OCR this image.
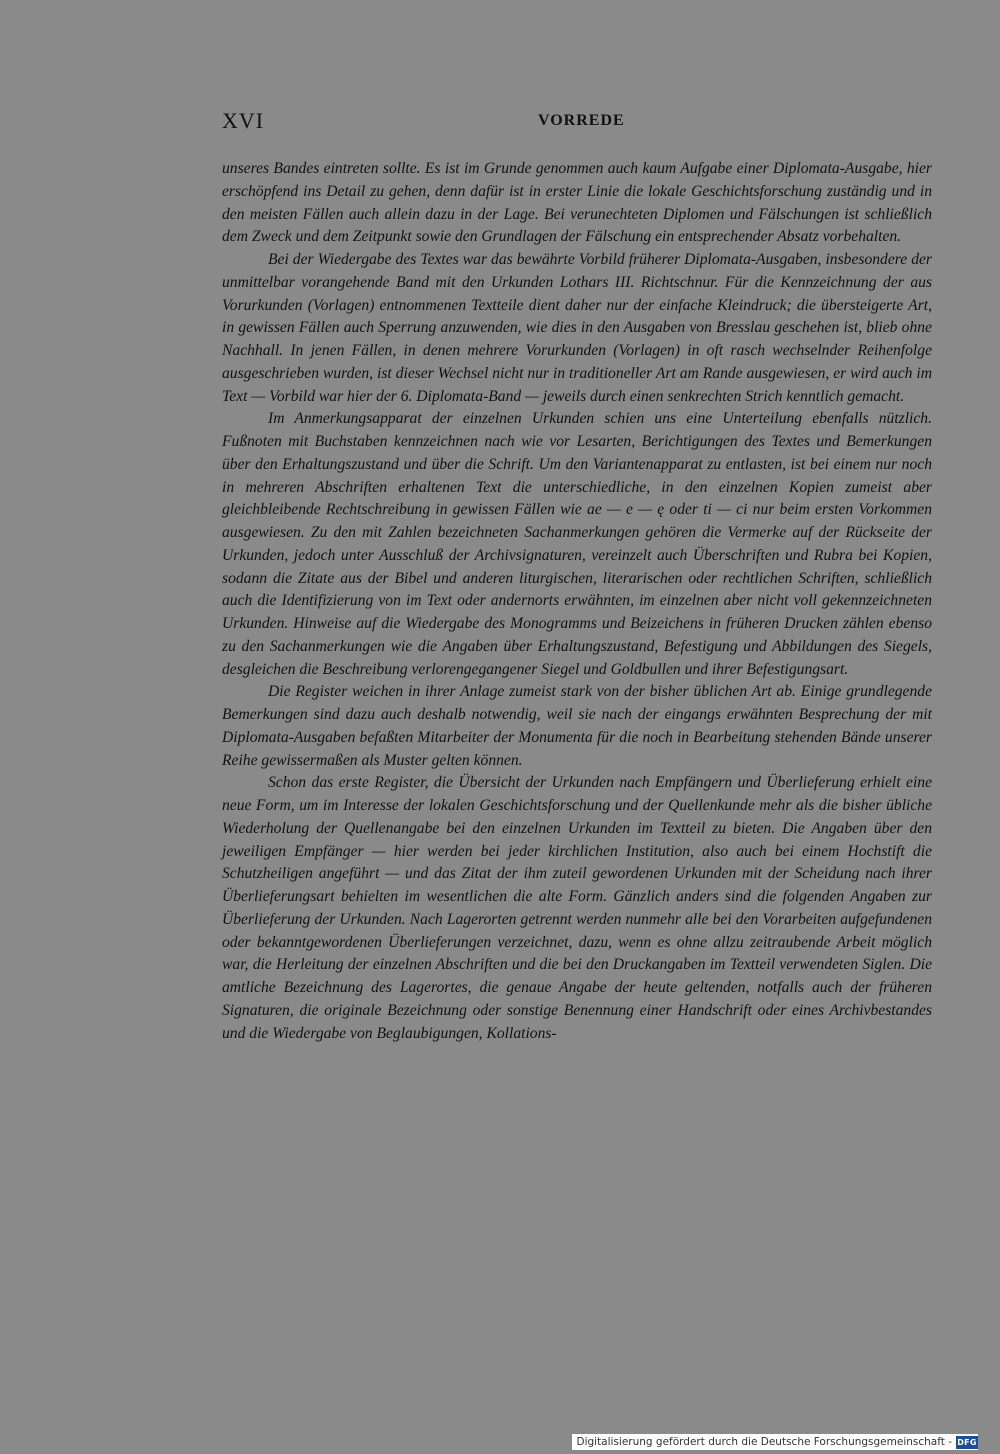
XVI	VORREDE

unseres Bandes eintreten sollte. Es ist im Grunde genommen auch kaum Aufgabe einer Diplomata-Ausgabe, hier erschöpfend ins Detail zu gehen, denn dafür ist in erster Linie die lokale Geschichtsforschung zuständig und in den meisten Fällen auch allein dazu in der Lage. Bei verunechteten Diplomen und Fälschungen ist schließlich dem Zweck und dem Zeitpunkt sowie den Grundlagen der Fälschung ein entsprechender Absatz vorbehalten.

Bei der Wiedergabe des Textes war das bewährte Vorbild früherer Diplomata-Ausgaben, insbesondere der unmittelbar vorangehende Band mit den Urkunden Lothars III. Richtschnur. Für die Kennzeichnung der aus Vorurkunden (Vorlagen) entnommenen Textteile dient daher nur der einfache Kleindruck; die übersteigerte Art, in gewissen Fällen auch Sperrung anzuwenden, wie dies in den Ausgaben von Bresslau geschehen ist, blieb ohne Nachhall. In jenen Fällen, in denen mehrere Vorurkunden (Vorlagen) in oft rasch wechselnder Reihenfolge ausgeschrieben wurden, ist dieser Wechsel nicht nur in traditioneller Art am Rande ausgewiesen, er wird auch im Text — Vorbild war hier der 6. Diplomata-Band — jeweils durch einen senkrechten Strich kenntlich gemacht.

Im Anmerkungsapparat der einzelnen Urkunden schien uns eine Unterteilung ebenfalls nützlich. Fußnoten mit Buchstaben kennzeichnen nach wie vor Lesarten, Berichtigungen des Textes und Bemerkungen über den Erhaltungszustand und über die Schrift. Um den Variantenapparat zu entlasten, ist bei einem nur noch in mehreren Abschriften erhaltenen Text die unterschiedliche, in den einzelnen Kopien zumeist aber gleichbleibende Rechtschreibung in gewissen Fällen wie ae — e — ę oder ti — ci nur beim ersten Vorkommen ausgewiesen. Zu den mit Zahlen bezeichneten Sachanmerkungen gehören die Vermerke auf der Rückseite der Urkunden, jedoch unter Ausschluß der Archivsignaturen, vereinzelt auch Überschriften und Rubra bei Kopien, sodann die Zitate aus der Bibel und anderen liturgischen, literarischen oder rechtlichen Schriften, schließlich auch die Identifizierung von im Text oder andernorts erwähnten, im einzelnen aber nicht voll gekennzeichneten Urkunden. Hinweise auf die Wiedergabe des Monogramms und Beizeichens in früheren Drucken zählen ebenso zu den Sachanmerkungen wie die Angaben über Erhaltungszustand, Befestigung und Abbildungen des Siegels, desgleichen die Beschreibung verlorengegangener Siegel und Goldbullen und ihrer Befestigungsart.

Die Register weichen in ihrer Anlage zumeist stark von der bisher üblichen Art ab. Einige grundlegende Bemerkungen sind dazu auch deshalb notwendig, weil sie nach der eingangs erwähnten Besprechung der mit Diplomata-Ausgaben befaßten Mitarbeiter der Monumenta für die noch in Bearbeitung stehenden Bände unserer Reihe gewissermaßen als Muster gelten können.

Schon das erste Register, die Übersicht der Urkunden nach Empfängern und Überlieferung erhielt eine neue Form, um im Interesse der lokalen Geschichtsforschung und der Quellenkunde mehr als die bisher übliche Wiederholung der Quellenangabe bei den einzelnen Urkunden im Textteil zu bieten. Die Angaben über den jeweiligen Empfänger — hier werden bei jeder kirchlichen Institution, also auch bei einem Hochstift die Schutzheiligen angeführt — und das Zitat der ihm zuteil gewordenen Urkunden mit der Scheidung nach ihrer Überlieferungsart behielten im wesentlichen die alte Form. Gänzlich anders sind die folgenden Angaben zur Überlieferung der Urkunden. Nach Lagerorten getrennt werden nunmehr alle bei den Vorarbeiten aufgefundenen oder bekanntgewordenen Überlieferungen verzeichnet, dazu, wenn es ohne allzu zeitraubende Arbeit möglich war, die Herleitung der einzelnen Abschriften und die bei den Druckangaben im Textteil verwendeten Siglen. Die amtliche Bezeichnung des Lagerortes, die genaue Angabe der heute geltenden, notfalls auch der früheren Signaturen, die originale Bezeichnung oder sonstige Benennung einer Handschrift oder eines Archivbestandes und die Wiedergabe von Beglaubigungen, Kollations-

Digitalisierung gefördert durch die Deutsche Forschungsgemeinschaft - DFG
